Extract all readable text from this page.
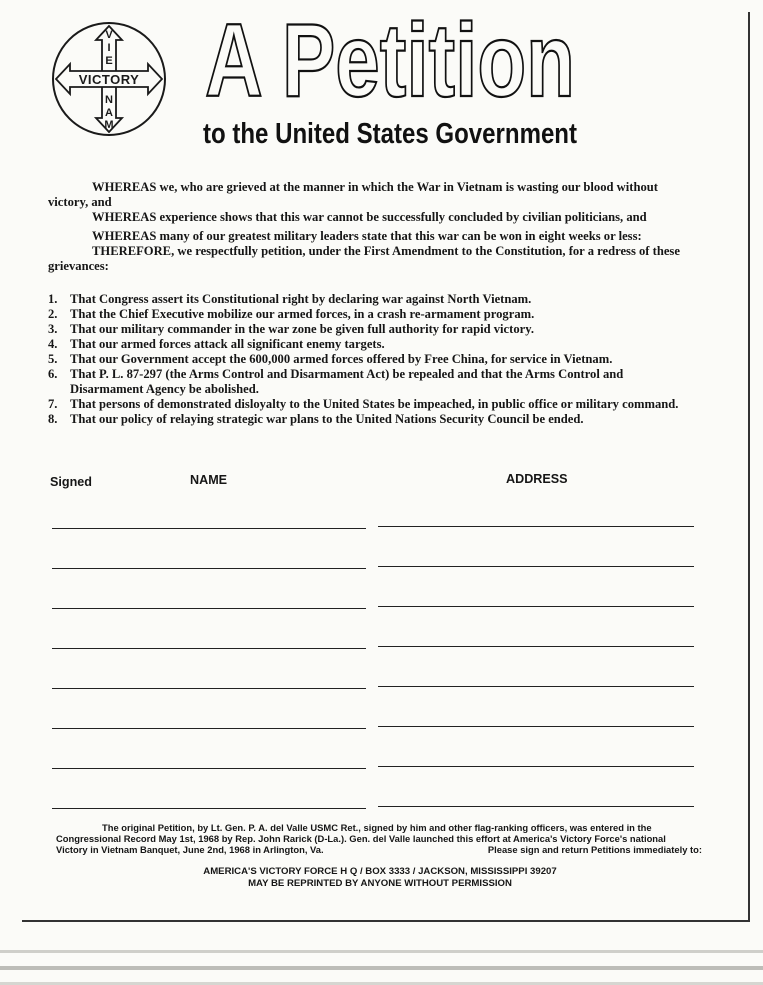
VICTORY
V
I
E
N
A
M
A Petition
to the United States Government

WHEREAS we, who are grieved at the manner in which the War in Vietnam is wasting our blood without victory, and

WHEREAS experience shows that this war cannot be successfully concluded by civilian politicians, and

WHEREAS many of our greatest military leaders state that this war can be won in eight weeks or less:

THEREFORE, we respectfully petition, under the First Amendment to the Constitution, for a redress of these grievances:

1. That Congress assert its Constitutional right by declaring war against North Vietnam.
2. That the Chief Executive mobilize our armed forces, in a crash re-armament program.
3. That our military commander in the war zone be given full authority for rapid victory.
4. That our armed forces attack all significant enemy targets.
5. That our Government accept the 600,000 armed forces offered by Free China, for service in Vietnam.
6. That P. L. 87-297 (the Arms Control and Disarmament Act) be repealed and that the Arms Control and Disarmament Agency be abolished.
7. That persons of demonstrated disloyalty to the United States be impeached, in public office or military command.
8. That our policy of relaying strategic war plans to the United Nations Security Council be ended.
Signed	NAME	ADDRESS

The original Petition, by Lt. Gen. P. A. del Valle USMC Ret., signed by him and other flag-ranking officers, was entered in the

Congressional Record May 1st, 1968 by Rep. John Rarick (D-La.). Gen. del Valle launched this effort at America's Victory Force's national

Victory in Vietnam Banquet, June 2nd, 1968 in Arlington, Va.	Please sign and return Petitions immediately to:

AMERICA'S VICTORY FORCE H Q / BOX 3333 / JACKSON, MISSISSIPPI 39207

MAY BE REPRINTED BY ANYONE WITHOUT PERMISSION
